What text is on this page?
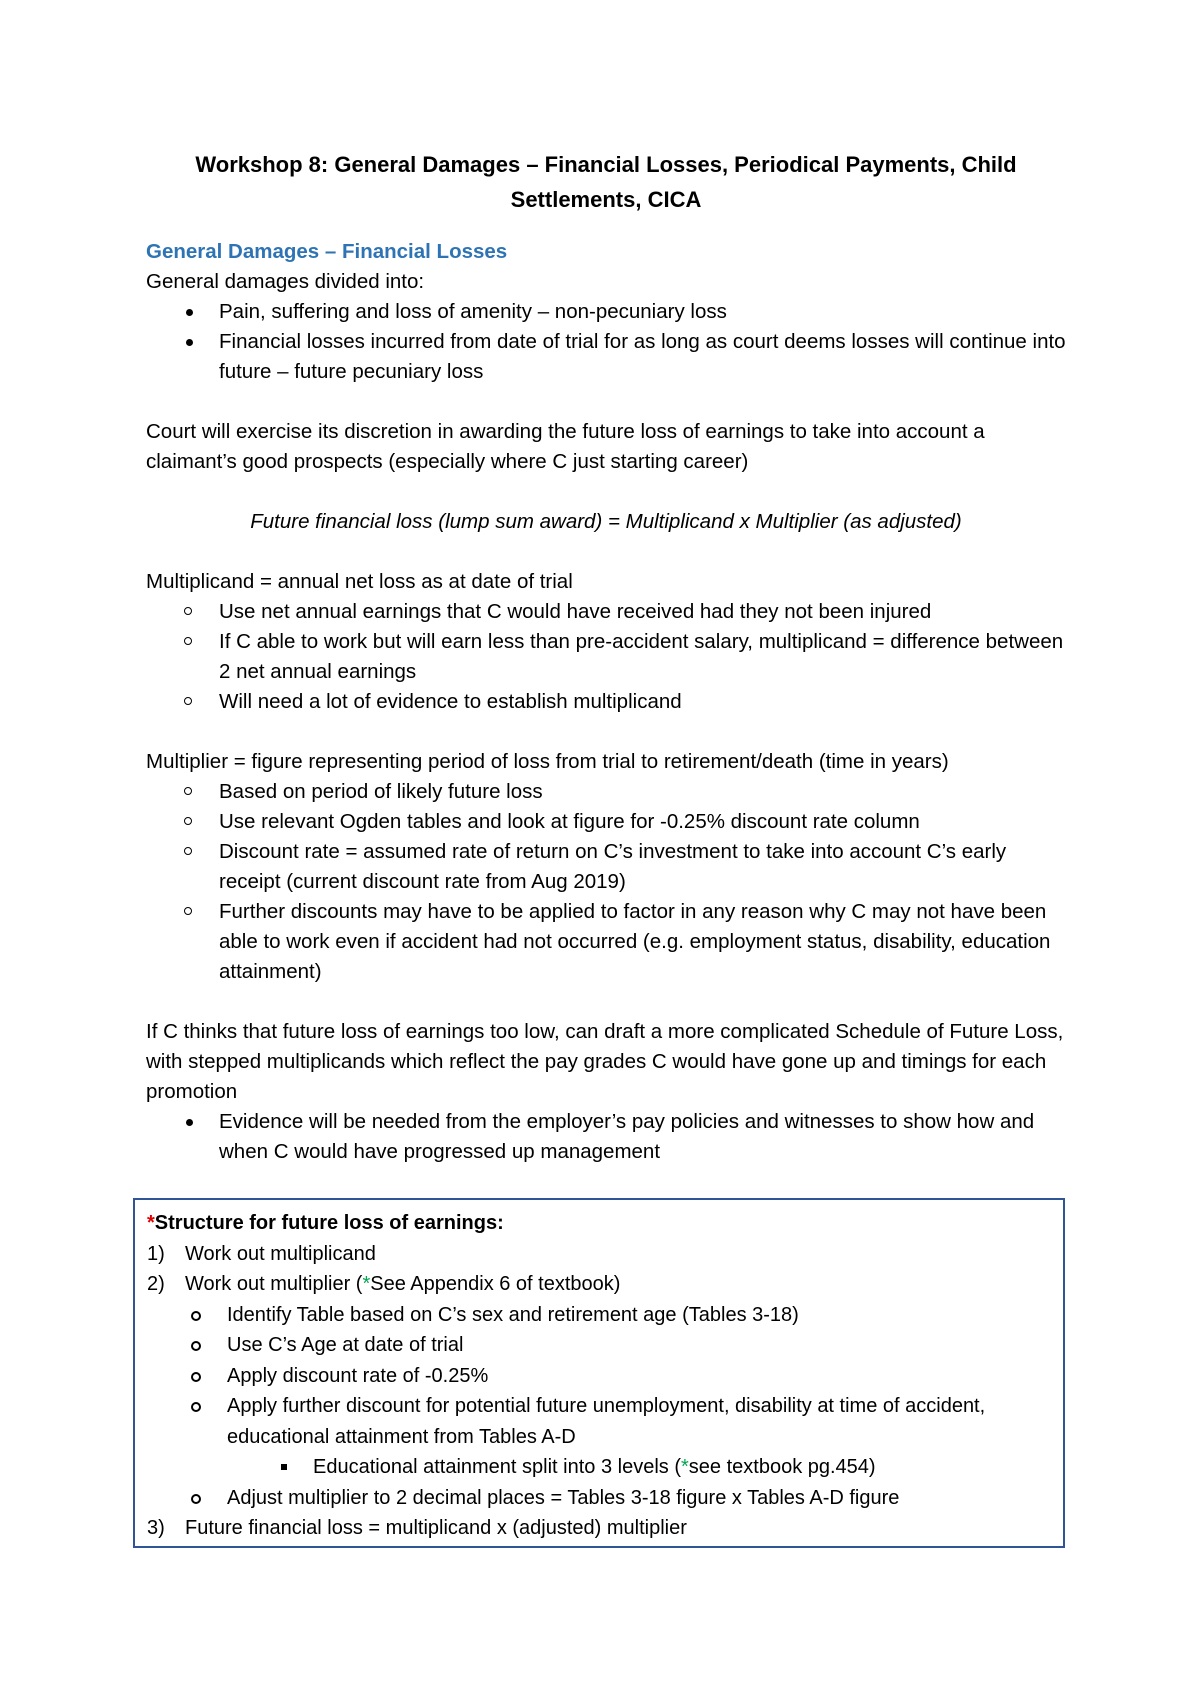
Workshop 8: General Damages – Financial Losses, Periodical Payments, Child
Settlements, CICA

General Damages – Financial Losses

General damages divided into:

Pain, suffering and loss of amenity – non-pecuniary loss
Financial losses incurred from date of trial for as long as court deems losses will continue into future – future pecuniary loss

Court will exercise its discretion in awarding the future loss of earnings to take into account a claimant’s good prospects (especially where C just starting career)

Future financial loss (lump sum award) = Multiplicand x Multiplier (as adjusted)

Multiplicand = annual net loss as at date of trial

Use net annual earnings that C would have received had they not been injured
If C able to work but will earn less than pre-accident salary, multiplicand = difference between 2 net annual earnings
Will need a lot of evidence to establish multiplicand

Multiplier = figure representing period of loss from trial to retirement/death (time in years)

Based on period of likely future loss
Use relevant Ogden tables and look at figure for -0.25% discount rate column
Discount rate = assumed rate of return on C’s investment to take into account C’s early receipt (current discount rate from Aug 2019)
Further discounts may have to be applied to factor in any reason why C may not have been able to work even if accident had not occurred (e.g. employment status, disability, education attainment)

If C thinks that future loss of earnings too low, can draft a more complicated Schedule of Future Loss, with stepped multiplicands which reflect the pay grades C would have gone up and timings for each promotion

Evidence will be needed from the employer’s pay policies and witnesses to show how and when C would have progressed up management
*Structure for future loss of earnings:
1) Work out multiplicand
2) Work out multiplier (*See Appendix 6 of textbook)
Identify Table based on C’s sex and retirement age (Tables 3-18)
Use C’s Age at date of trial
Apply discount rate of -0.25%
Apply further discount for potential future unemployment, disability at time of accident, educational attainment from Tables A-D
Educational attainment split into 3 levels (*see textbook pg.454)
Adjust multiplier to 2 decimal places = Tables 3-18 figure x Tables A-D figure
3) Future financial loss = multiplicand x (adjusted) multiplier
